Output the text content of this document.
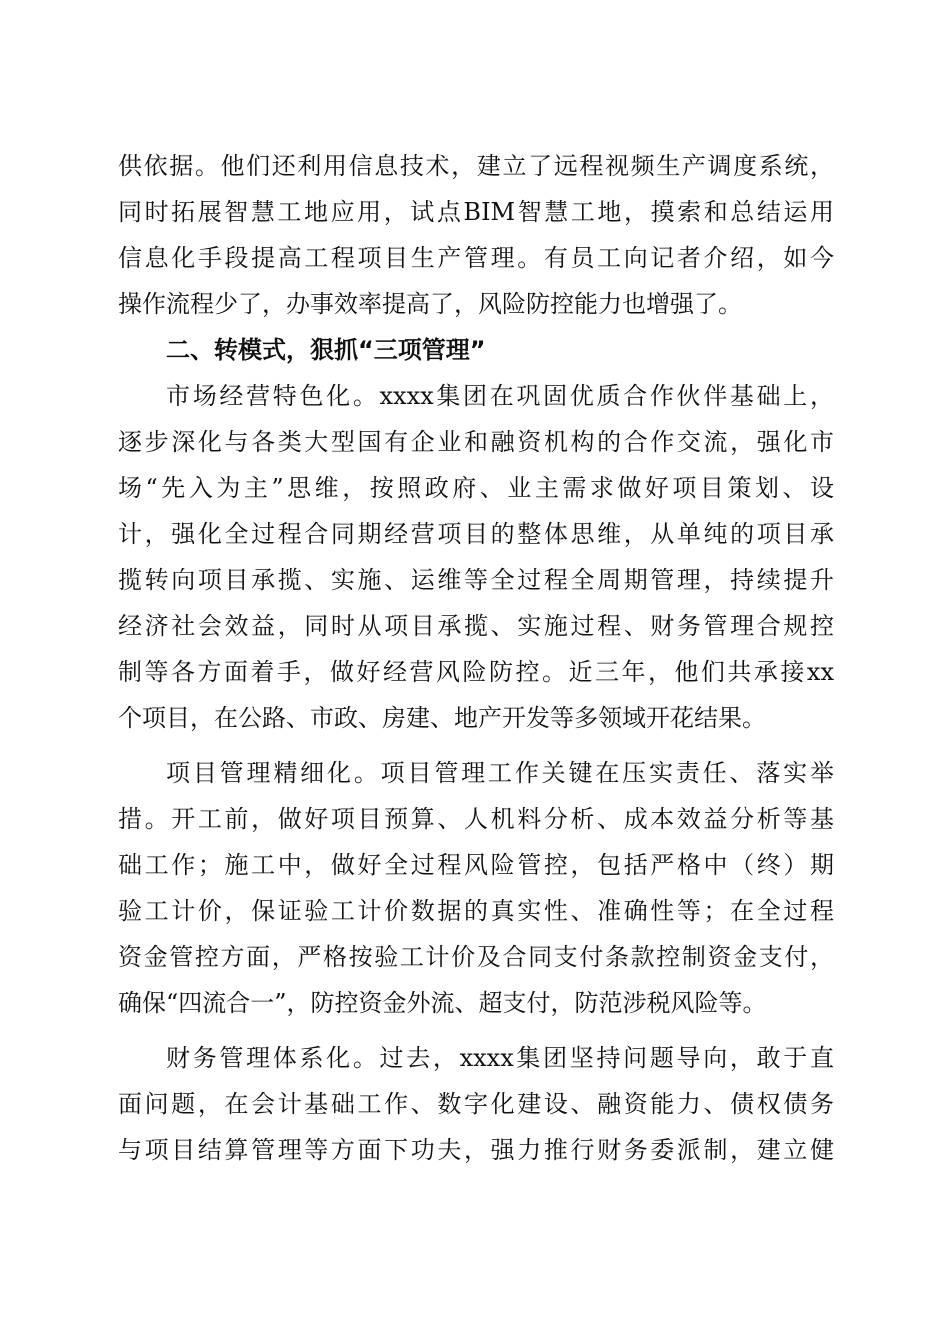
供依据。他们还利用信息技术，建立了远程视频生产调度系统，
同时拓展智慧工地应用，试点BIM智慧工地，摸索和总结运用
信息化手段提高工程项目生产管理。有员工向记者介绍，如今
操作流程少了，办事效率提高了，风险防控能力也增强了。
二、转模式，狠抓“三项管理”
市场经营特色化。xxxx集团在巩固优质合作伙伴基础上，
逐步深化与各类大型国有企业和融资机构的合作交流，强化市
场“先入为主”思维，按照政府、业主需求做好项目策划、设
计，强化全过程合同期经营项目的整体思维，从单纯的项目承
揽转向项目承揽、实施、运维等全过程全周期管理，持续提升
经济社会效益，同时从项目承揽、实施过程、财务管理合规控
制等各方面着手，做好经营风险防控。近三年，他们共承接xx
个项目，在公路、市政、房建、地产开发等多领域开花结果。
项目管理精细化。项目管理工作关键在压实责任、落实举
措。开工前，做好项目预算、人机料分析、成本效益分析等基
础工作；施工中，做好全过程风险管控，包括严格中（终）期
验工计价，保证验工计价数据的真实性、准确性等；在全过程
资金管控方面，严格按验工计价及合同支付条款控制资金支付，
确保“四流合一”，防控资金外流、超支付，防范涉税风险等。
财务管理体系化。过去，xxxx集团坚持问题导向，敢于直
面问题，在会计基础工作、数字化建设、融资能力、债权债务
与项目结算管理等方面下功夫，强力推行财务委派制，建立健
